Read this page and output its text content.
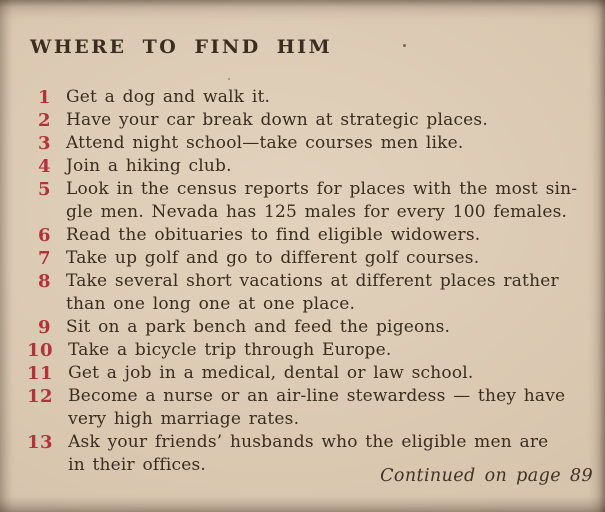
WHERE TO FIND HIM
1 Get a dog and walk it.
2 Have your car break down at strategic places.
3 Attend night school—take courses men like.
4 Join a hiking club.
5 Look in the census reports for places with the most sin-
gle men. Nevada has 125 males for every 100 females.
6 Read the obituaries to find eligible widowers.
7 Take up golf and go to different golf courses.
8 Take several short vacations at different places rather
than one long one at one place.
9 Sit on a park bench and feed the pigeons.
10 Take a bicycle trip through Europe.
11 Get a job in a medical, dental or law school.
12 Become a nurse or an air-line stewardess — they have
very high marriage rates.
13 Ask your friends’ husbands who the eligible men are
in their offices.
Continued on page 89
